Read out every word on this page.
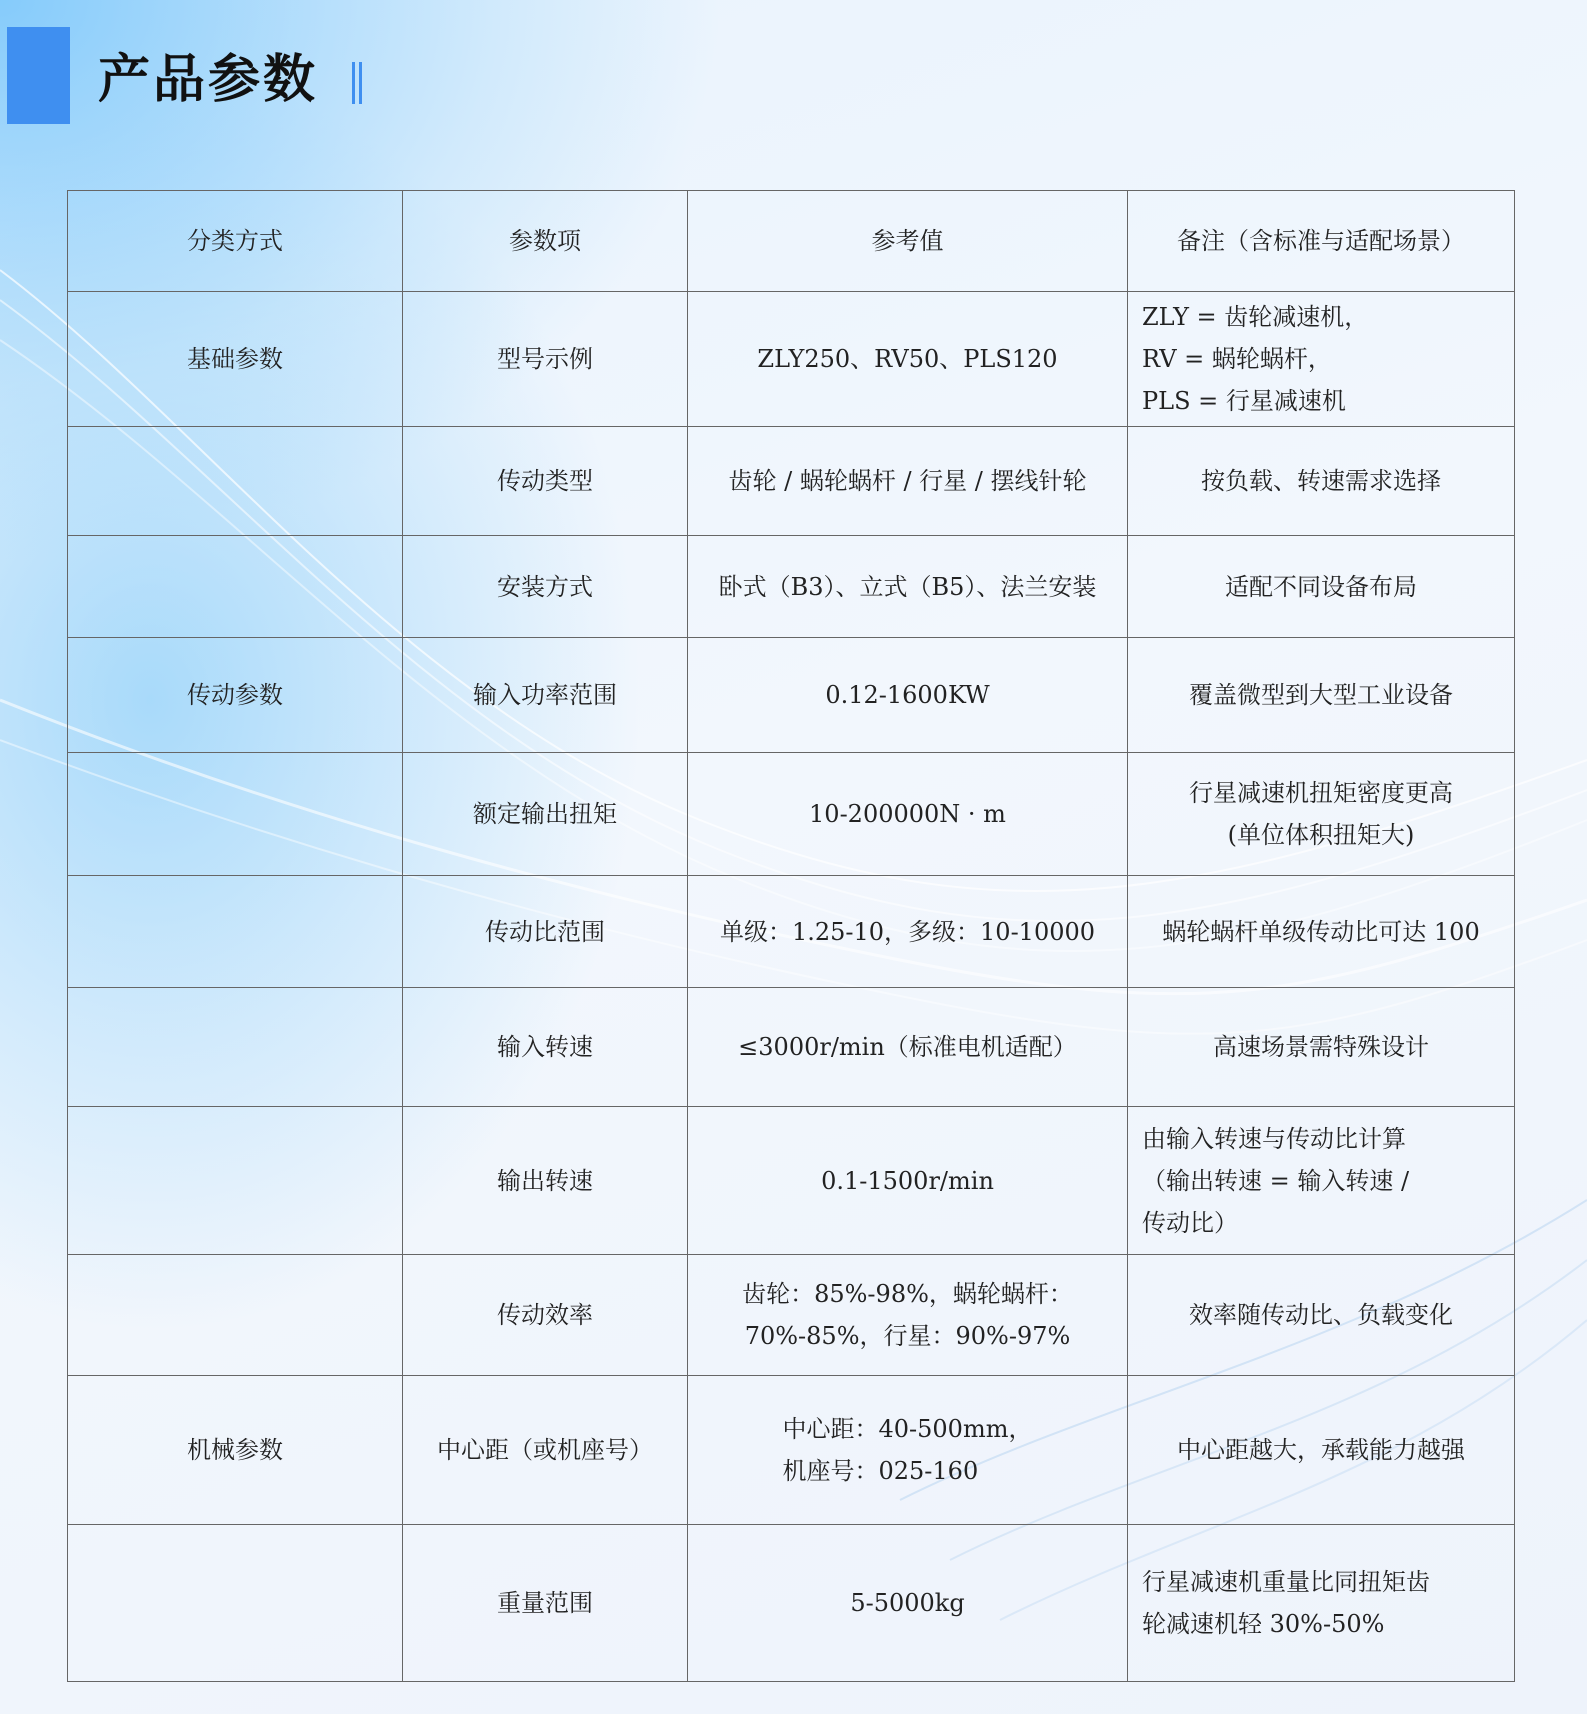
产品参数
分类方式	参数项	参考值	备注（含标准与适配场景）
基础参数	型号示例	ZLY250、RV50、PLS120	ZLY = 齿轮减速机，
RV = 蜗轮蜗杆，
PLS = 行星减速机

	传动类型	齿轮 / 蜗轮蜗杆 / 行星 / 摆线针轮	按负载、转速需求选择

	安装方式	卧式（B3）、立式（B5）、法兰安装	适配不同设备布局

传动参数	输入功率范围	0.12-1600KW	覆盖微型到大型工业设备

	额定输出扭矩	10-200000N · m	行星减速机扭矩密度更高
(单位体积扭矩大)

	传动比范围	单级：1.25-10，多级：10-10000	蜗轮蜗杆单级传动比可达 100

	输入转速	≤3000r/min（标准电机适配）	高速场景需特殊设计

	输出转速	0.1-1500r/min	由输入转速与传动比计算
（输出转速 = 输入转速 /
传动比）

	传动效率	齿轮：85%-98%，蜗轮蜗杆：
70%-85%，行星：90%-97%	效率随传动比、负载变化

机械参数	中心距（或机座号）	中心距：40-500mm，
机座号：025-160	中心距越大，承载能力越强

	重量范围	5-5000kg	行星减速机重量比同扭矩齿
轮减速机轻 30%-50%
